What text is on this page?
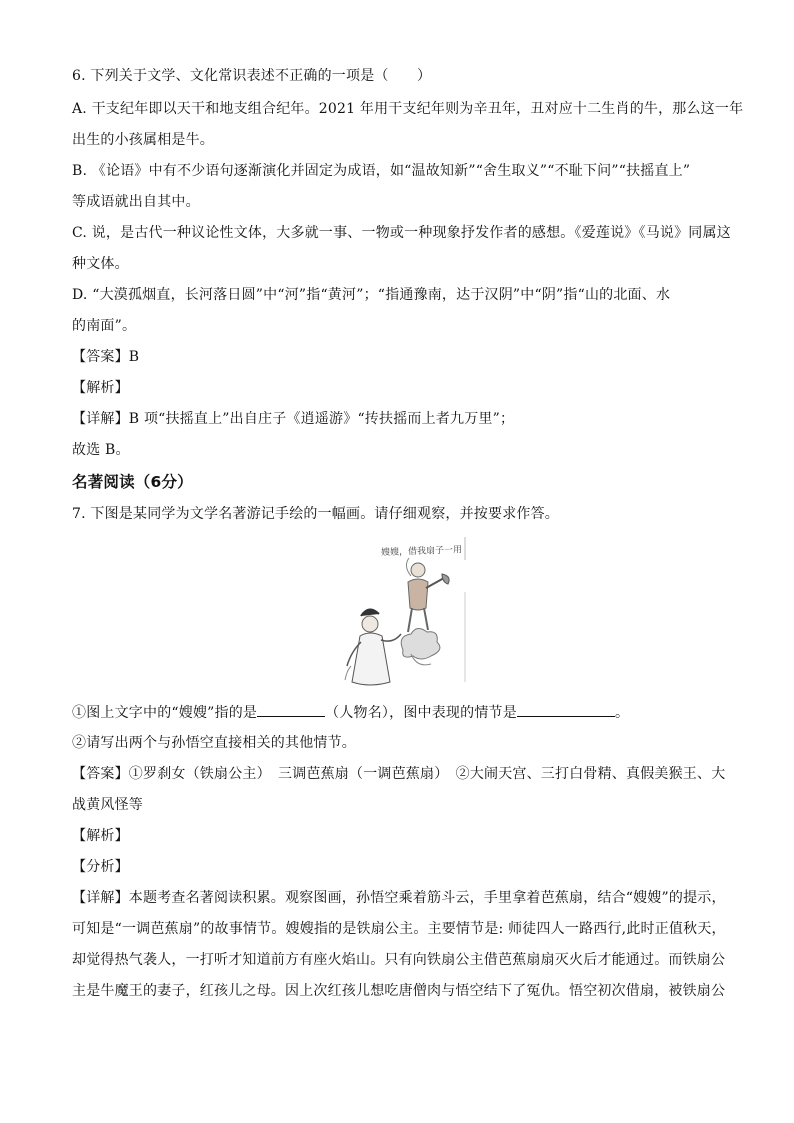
6. 下列关于文学、文化常识表述不正确的一项是（　　）
A. 干支纪年即以天干和地支组合纪年。2021 年用干支纪年则为辛丑年，丑对应十二生肖的牛，那么这一年
出生的小孩属相是牛。
B. 《论语》中有不少语句逐渐演化并固定为成语，如“温故知新”“舍生取义”“不耻下问”“扶摇直上”
等成语就出自其中。
C. 说，是古代一种议论性文体，大多就一事、一物或一种现象抒发作者的感想。《爱莲说》《马说》同属这
种文体。
D. “大漠孤烟直，长河落日圆”中“河”指“黄河”；“指通豫南，达于汉阴”中“阴”指“山的北面、水
的南面”。
【答案】B
【解析】
【详解】B 项“扶摇直上”出自庄子《逍遥游》“抟扶摇而上者九万里”；
故选 B。
名著阅读（6分）
7. 下图是某同学为文学名著游记手绘的一幅画。请仔细观察，并按要求作答。
嫂嫂，借我扇子一用
①图上文字中的“嫂嫂”指的是	（人物名），图中表现的情节是	。
②请写出两个与孙悟空直接相关的其他情节。
【答案】①罗刹女（铁扇公主）　三调芭蕉扇（一调芭蕉扇）　②大闹天宫、三打白骨精、真假美猴王、大
战黄风怪等
【解析】
【分析】
【详解】本题考查名著阅读积累。观察图画，孙悟空乘着筋斗云，手里拿着芭蕉扇，结合“嫂嫂”的提示，
可知是“一调芭蕉扇”的故事情节。嫂嫂指的是铁扇公主。主要情节是: 师徒四人一路西行,此时正值秋天，
却觉得热气袭人，一打听才知道前方有座火焰山。只有向铁扇公主借芭蕉扇扇灭火后才能通过。而铁扇公
主是牛魔王的妻子，红孩儿之母。因上次红孩儿想吃唐僧肉与悟空结下了冤仇。悟空初次借扇，被铁扇公
